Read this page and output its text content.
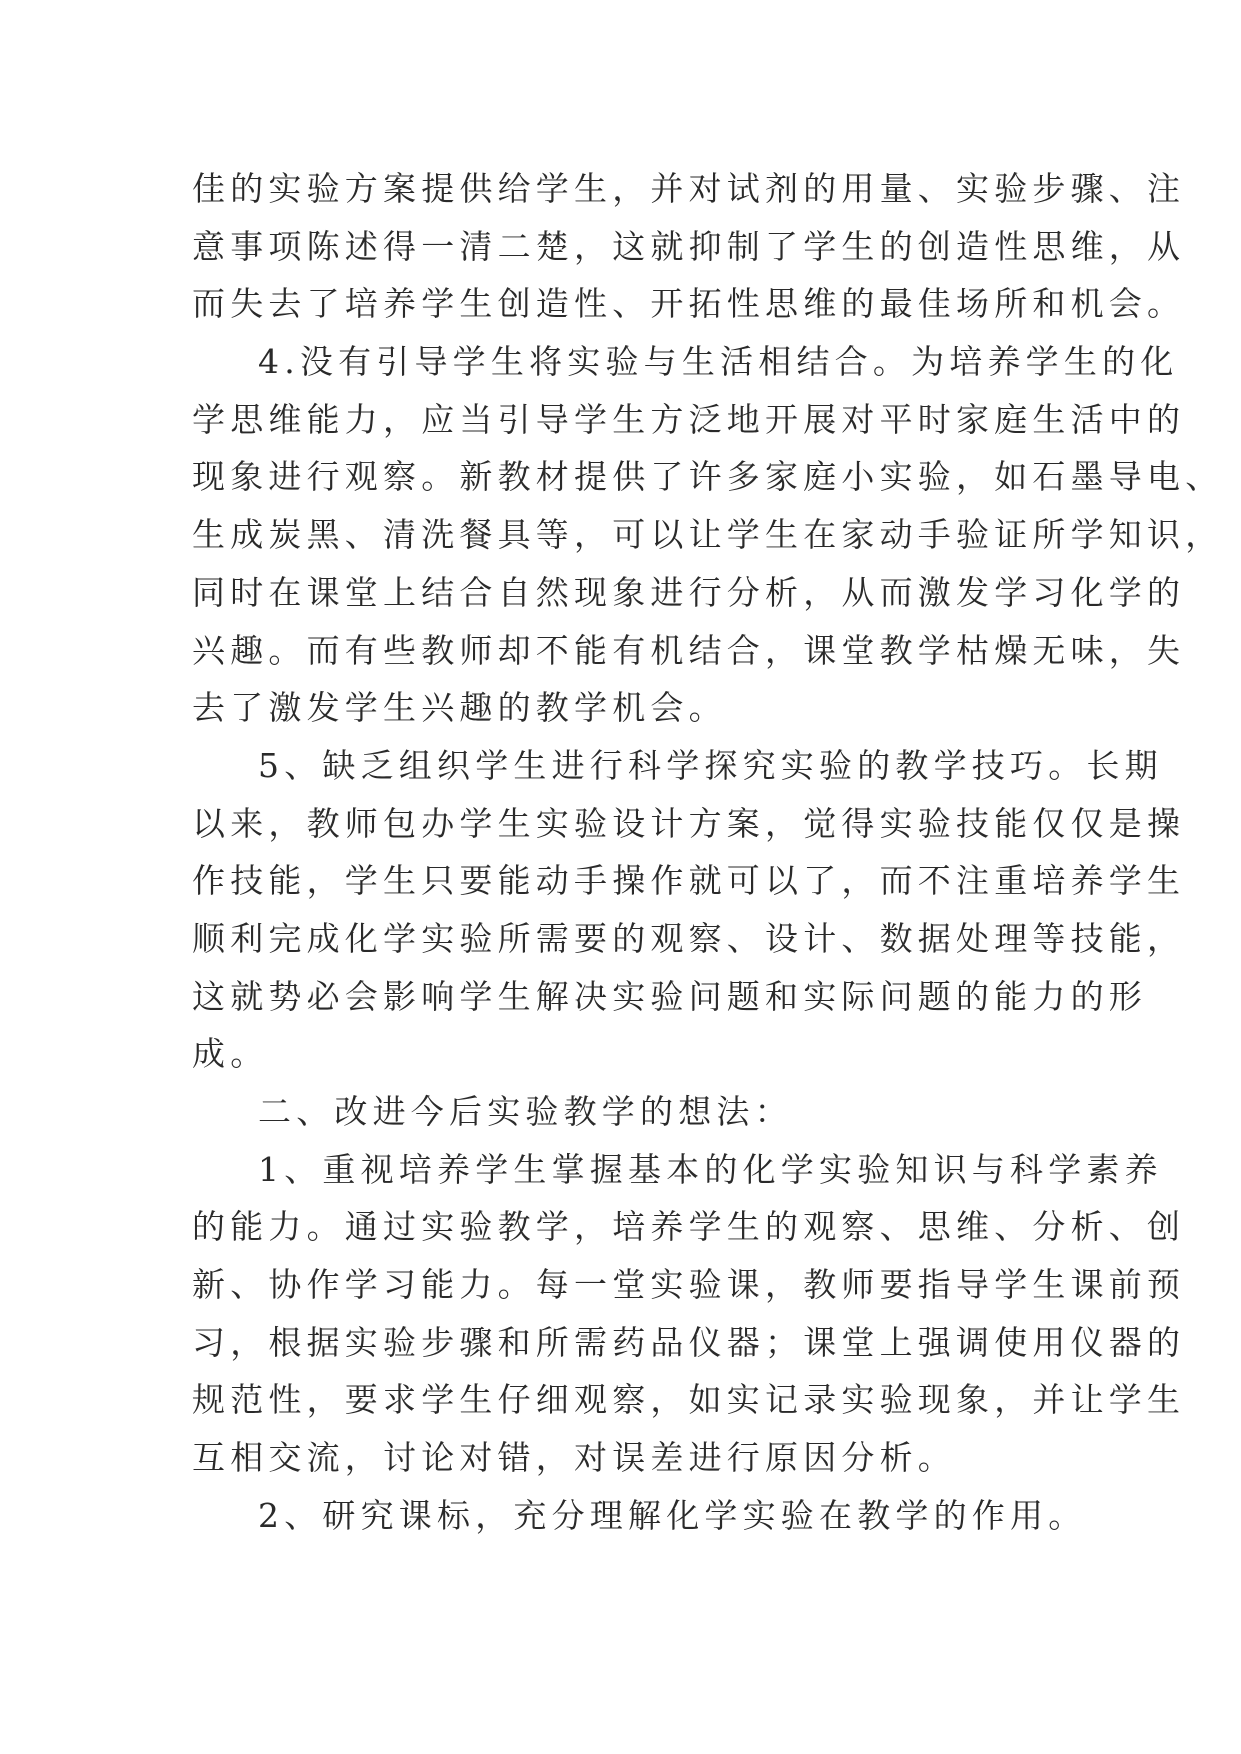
佳的实验方案提供给学生，并对试剂的用量、实验步骤、注
意事项陈述得一清二楚，这就抑制了学生的创造性思维，从
而失去了培养学生创造性、开拓性思维的最佳场所和机会。
4.没有引导学生将实验与生活相结合。为培养学生的化
学思维能力，应当引导学生方泛地开展对平时家庭生活中的
现象进行观察。新教材提供了许多家庭小实验，如石墨导电、
生成炭黑、清洗餐具等，可以让学生在家动手验证所学知识，
同时在课堂上结合自然现象进行分析，从而激发学习化学的
兴趣。而有些教师却不能有机结合，课堂教学枯燥无味，失
去了激发学生兴趣的教学机会。
5、缺乏组织学生进行科学探究实验的教学技巧。长期
以来，教师包办学生实验设计方案，觉得实验技能仅仅是操
作技能，学生只要能动手操作就可以了，而不注重培养学生
顺利完成化学实验所需要的观察、设计、数据处理等技能，
这就势必会影响学生解决实验问题和实际问题的能力的形
成。
二、改进今后实验教学的想法：
1、重视培养学生掌握基本的化学实验知识与科学素养
的能力。通过实验教学，培养学生的观察、思维、分析、创
新、协作学习能力。每一堂实验课，教师要指导学生课前预
习，根据实验步骤和所需药品仪器；课堂上强调使用仪器的
规范性，要求学生仔细观察，如实记录实验现象，并让学生
互相交流，讨论对错，对误差进行原因分析。
2、研究课标，充分理解化学实验在教学的作用。
